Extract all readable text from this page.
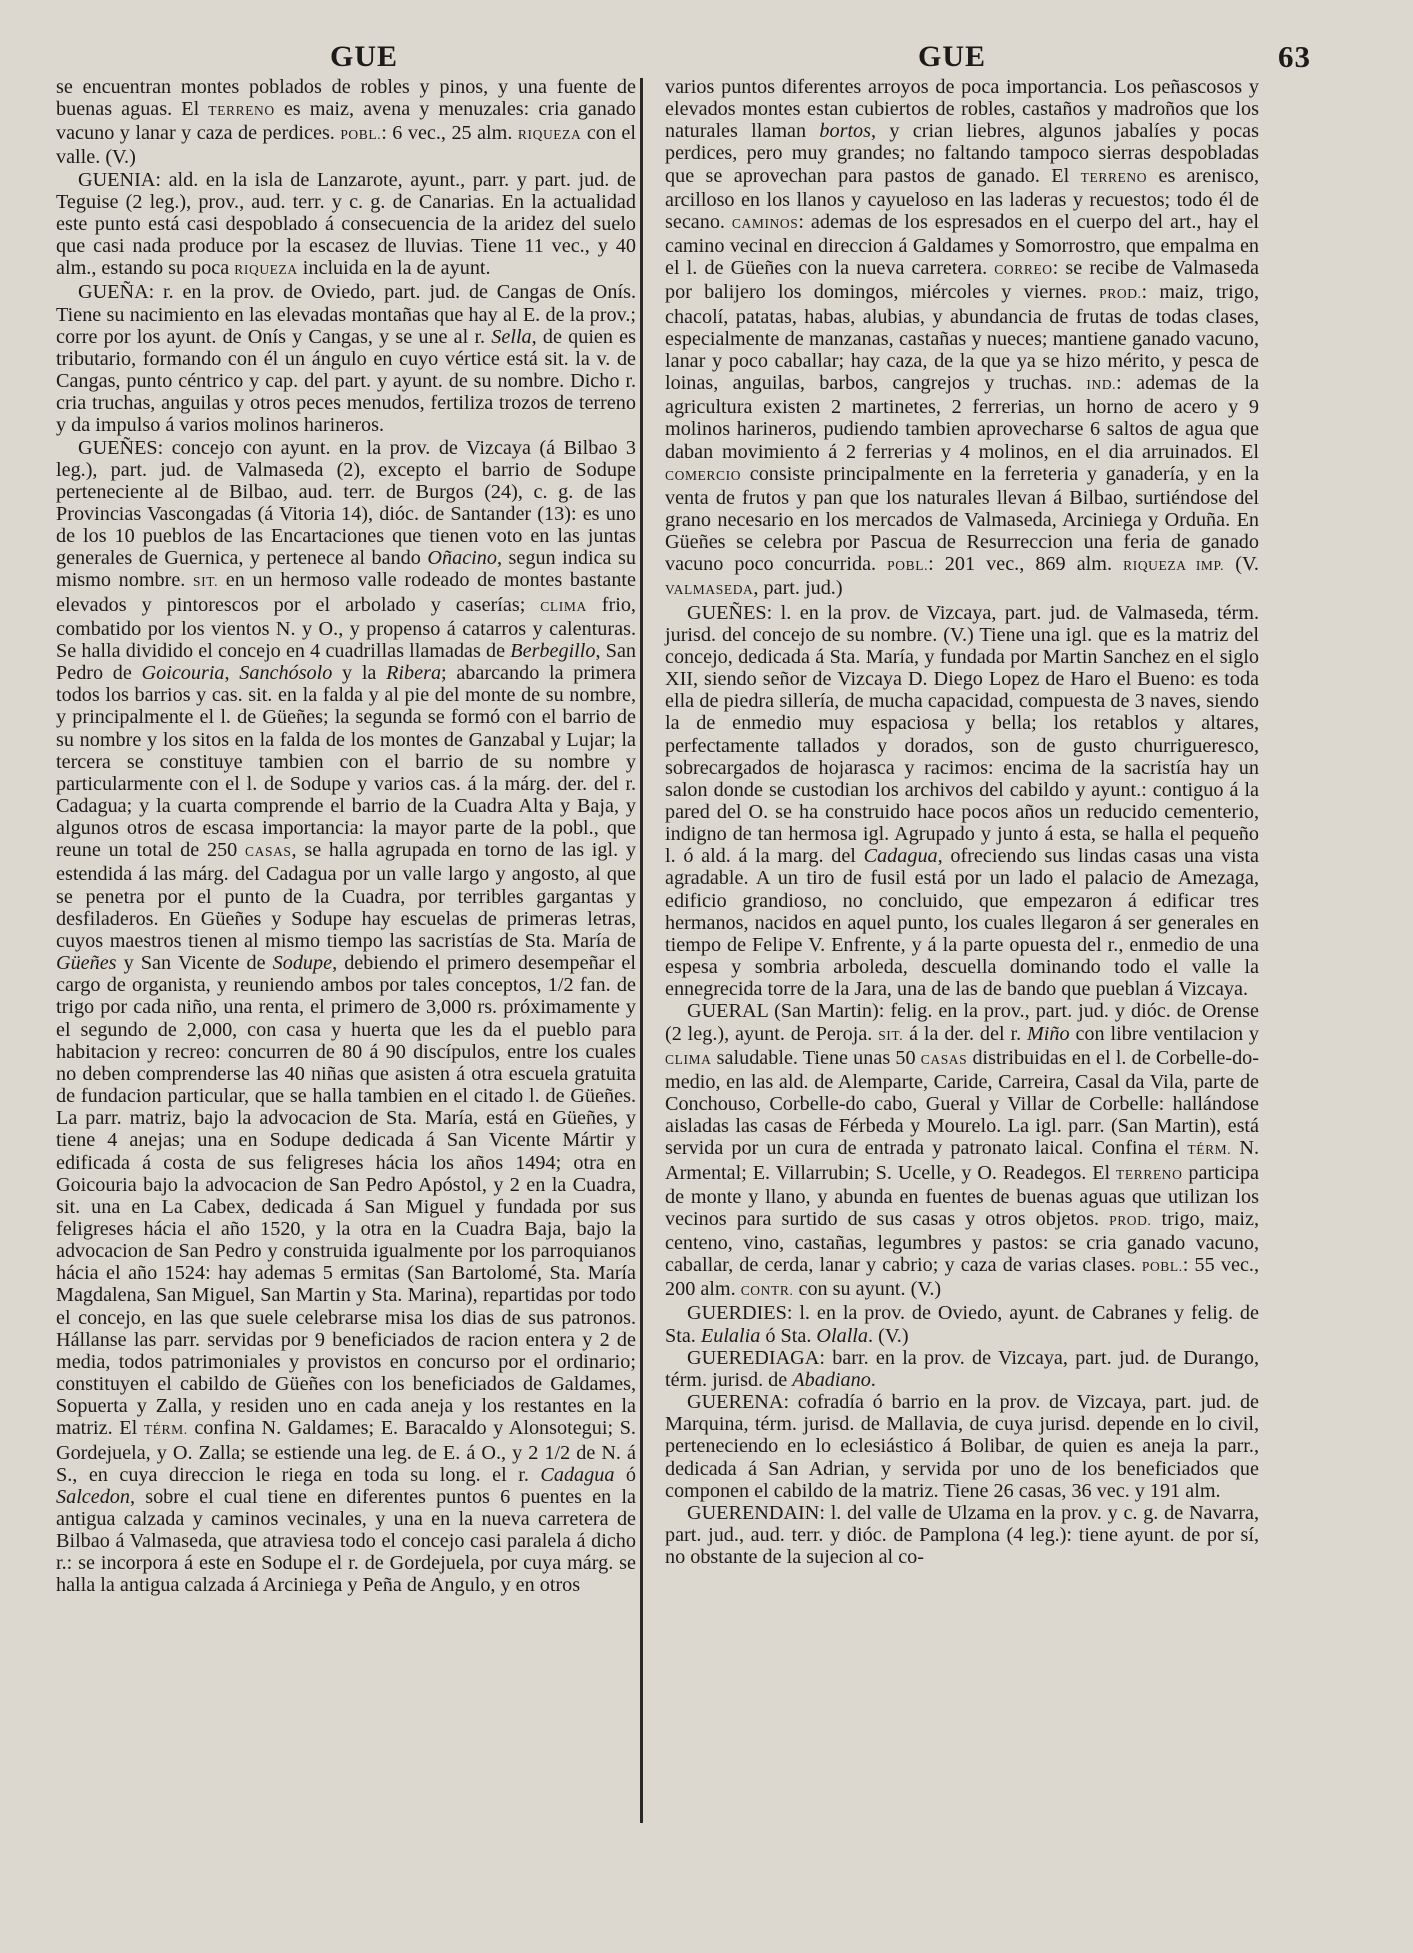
GUE	GUE	63

se encuentran montes poblados de robles y pinos, y una fuente de buenas aguas. El TERRENO es maiz, avena y menuzales: cria ganado vacuno y lanar y caza de perdices. POBL.: 6 vec., 25 alm. RIQUEZA con el valle. (V.)

GUENIA: ald. en la isla de Lanzarote, ayunt., parr. y part. jud. de Teguise (2 leg.), prov., aud. terr. y c. g. de Canarias. En la actualidad este punto está casi despoblado á consecuencia de la aridez del suelo que casi nada produce por la escasez de lluvias. Tiene 11 vec., y 40 alm., estando su poca RIQUEZA incluida en la de ayunt.

GUEÑA: r. en la prov. de Oviedo, part. jud. de Cangas de Onís. Tiene su nacimiento en las elevadas montañas que hay al E. de la prov.; corre por los ayunt. de Onís y Cangas, y se une al r. Sella, de quien es tributario, formando con él un ángulo en cuyo vértice está sit. la v. de Cangas, punto céntrico y cap. del part. y ayunt. de su nombre. Dicho r. cria truchas, anguilas y otros peces menudos, fertiliza trozos de terreno y da impulso á varios molinos harineros.

GUEÑES: concejo con ayunt. en la prov. de Vizcaya (á Bilbao 3 leg.), part. jud. de Valmaseda (2), excepto el barrio de Sodupe perteneciente al de Bilbao, aud. terr. de Burgos (24), c. g. de las Provincias Vascongadas (á Vitoria 14), dióc. de Santander (13): es uno de los 10 pueblos de las Encartaciones que tienen voto en las juntas generales de Guernica, y pertenece al bando Oñacino, segun indica su mismo nombre. SIT. en un hermoso valle rodeado de montes bastante elevados y pintorescos por el arbolado y caserías; CLIMA frio, combatido por los vientos N. y O., y propenso á catarros y calenturas. Se halla dividido el concejo en 4 cuadrillas llamadas de Berbegillo, San Pedro de Goicouria, Sanchósolo y la Ribera; abarcando la primera todos los barrios y cas. sit. en la falda y al pie del monte de su nombre, y principalmente el l. de Güeñes; la segunda se formó con el barrio de su nombre y los sitos en la falda de los montes de Ganzabal y Lujar; la tercera se constituye tambien con el barrio de su nombre y particularmente con el l. de Sodupe y varios cas. á la márg. der. del r. Cadagua; y la cuarta comprende el barrio de la Cuadra Alta y Baja, y algunos otros de escasa importancia: la mayor parte de la pobl., que reune un total de 250 CASAS, se halla agrupada en torno de las igl. y estendida á las márg. del Cadagua por un valle largo y angosto, al que se penetra por el punto de la Cuadra, por terribles gargantas y desfiladeros. En Güeñes y Sodupe hay escuelas de primeras letras, cuyos maestros tienen al mismo tiempo las sacristías de Sta. María de Güeñes y San Vicente de Sodupe, debiendo el primero desempeñar el cargo de organista, y reuniendo ambos por tales conceptos, 1/2 fan. de trigo por cada niño, una renta, el primero de 3,000 rs. próximamente y el segundo de 2,000, con casa y huerta que les da el pueblo para habitacion y recreo: concurren de 80 á 90 discípulos, entre los cuales no deben comprenderse las 40 niñas que asisten á otra escuela gratuita de fundacion particular, que se halla tambien en el citado l. de Güeñes. La parr. matriz, bajo la advocacion de Sta. María, está en Güeñes, y tiene 4 anejas; una en Sodupe dedicada á San Vicente Mártir y edificada á costa de sus feligreses hácia los años 1494; otra en Goicouria bajo la advocacion de San Pedro Apóstol, y 2 en la Cuadra, sit. una en La Cabex, dedicada á San Miguel y fundada por sus feligreses hácia el año 1520, y la otra en la Cuadra Baja, bajo la advocacion de San Pedro y construida igualmente por los parroquianos hácia el año 1524: hay ademas 5 ermitas (San Bartolomé, Sta. María Magdalena, San Miguel, San Martin y Sta. Marina), repartidas por todo el concejo, en las que suele celebrarse misa los dias de sus patronos. Hállanse las parr. servidas por 9 beneficiados de racion entera y 2 de media, todos patrimoniales y provistos en concurso por el ordinario; constituyen el cabildo de Güeñes con los beneficiados de Galdames, Sopuerta y Zalla, y residen uno en cada aneja y los restantes en la matriz. El TÉRM. confina N. Galdames; E. Baracaldo y Alonsotegui; S. Gordejuela, y O. Zalla; se estiende una leg. de E. á O., y 2 1/2 de N. á S., en cuya direccion le riega en toda su long. el r. Cadagua ó Salcedon, sobre el cual tiene en diferentes puntos 6 puentes en la antigua calzada y caminos vecinales, y una en la nueva carretera de Bilbao á Valmaseda, que atraviesa todo el concejo casi paralela á dicho r.: se incorpora á este en Sodupe el r. de Gordejuela, por cuya márg. se halla la antigua calzada á Arciniega y Peña de Angulo, y en otros

varios puntos diferentes arroyos de poca importancia. Los peñascosos y elevados montes estan cubiertos de robles, castaños y madroños que los naturales llaman bortos, y crian liebres, algunos jabalíes y pocas perdices, pero muy grandes; no faltando tampoco sierras despobladas que se aprovechan para pastos de ganado. El TERRENO es arenisco, arcilloso en los llanos y cayueloso en las laderas y recuestos; todo él de secano. CAMINOS: ademas de los espresados en el cuerpo del art., hay el camino vecinal en direccion á Galdames y Somorrostro, que empalma en el l. de Güeñes con la nueva carretera. CORREO: se recibe de Valmaseda por balijero los domingos, miércoles y viernes. PROD.: maiz, trigo, chacolí, patatas, habas, alubias, y abundancia de frutas de todas clases, especialmente de manzanas, castañas y nueces; mantiene ganado vacuno, lanar y poco caballar; hay caza, de la que ya se hizo mérito, y pesca de loinas, anguilas, barbos, cangrejos y truchas. IND.: ademas de la agricultura existen 2 martinetes, 2 ferrerias, un horno de acero y 9 molinos harineros, pudiendo tambien aprovecharse 6 saltos de agua que daban movimiento á 2 ferrerias y 4 molinos, en el dia arruinados. El COMERCIO consiste principalmente en la ferreteria y ganadería, y en la venta de frutos y pan que los naturales llevan á Bilbao, surtiéndose del grano necesario en los mercados de Valmaseda, Arciniega y Orduña. En Güeñes se celebra por Pascua de Resurreccion una feria de ganado vacuno poco concurrida. POBL.: 201 vec., 869 alm. RIQUEZA IMP. (V. VALMASEDA, part. jud.)

GUEÑES: l. en la prov. de Vizcaya, part. jud. de Valmaseda, térm. jurisd. del concejo de su nombre. (V.) Tiene una igl. que es la matriz del concejo, dedicada á Sta. María, y fundada por Martin Sanchez en el siglo XII, siendo señor de Vizcaya D. Diego Lopez de Haro el Bueno: es toda ella de piedra sillería, de mucha capacidad, compuesta de 3 naves, siendo la de enmedio muy espaciosa y bella; los retablos y altares, perfectamente tallados y dorados, son de gusto churrigueresco, sobrecargados de hojarasca y racimos: encima de la sacristía hay un salon donde se custodian los archivos del cabildo y ayunt.: contiguo á la pared del O. se ha construido hace pocos años un reducido cementerio, indigno de tan hermosa igl. Agrupado y junto á esta, se halla el pequeño l. ó ald. á la marg. del Cadagua, ofreciendo sus lindas casas una vista agradable. A un tiro de fusil está por un lado el palacio de Amezaga, edificio grandioso, no concluido, que empezaron á edificar tres hermanos, nacidos en aquel punto, los cuales llegaron á ser generales en tiempo de Felipe V. Enfrente, y á la parte opuesta del r., enmedio de una espesa y sombria arboleda, descuella dominando todo el valle la ennegrecida torre de la Jara, una de las de bando que pueblan á Vizcaya.

GUERAL (San Martin): felig. en la prov., part. jud. y dióc. de Orense (2 leg.), ayunt. de Peroja. SIT. á la der. del r. Miño con libre ventilacion y CLIMA saludable. Tiene unas 50 CASAS distribuidas en el l. de Corbelle-do-medio, en las ald. de Alemparte, Caride, Carreira, Casal da Vila, parte de Conchouso, Corbelle-do cabo, Gueral y Villar de Corbelle: hallándose aisladas las casas de Férbeda y Mourelo. La igl. parr. (San Martin), está servida por un cura de entrada y patronato laical. Confina el TÉRM. N. Armental; E. Villarrubin; S. Ucelle, y O. Readegos. El TERRENO participa de monte y llano, y abunda en fuentes de buenas aguas que utilizan los vecinos para surtido de sus casas y otros objetos. PROD. trigo, maiz, centeno, vino, castañas, legumbres y pastos: se cria ganado vacuno, caballar, de cerda, lanar y cabrio; y caza de varias clases. POBL.: 55 vec., 200 alm. CONTR. con su ayunt. (V.)

GUERDIES: l. en la prov. de Oviedo, ayunt. de Cabranes y felig. de Sta. Eulalia ó Sta. Olalla. (V.)

GUEREDIAGA: barr. en la prov. de Vizcaya, part. jud. de Durango, térm. jurisd. de Abadiano.

GUERENA: cofradía ó barrio en la prov. de Vizcaya, part. jud. de Marquina, térm. jurisd. de Mallavia, de cuya jurisd. depende en lo civil, perteneciendo en lo eclesiástico á Bolibar, de quien es aneja la parr., dedicada á San Adrian, y servida por uno de los beneficiados que componen el cabildo de la matriz. Tiene 26 casas, 36 vec. y 191 alm.

GUERENDAIN: l. del valle de Ulzama en la prov. y c. g. de Navarra, part. jud., aud. terr. y dióc. de Pamplona (4 leg.): tiene ayunt. de por sí, no obstante de la sujecion al co-
